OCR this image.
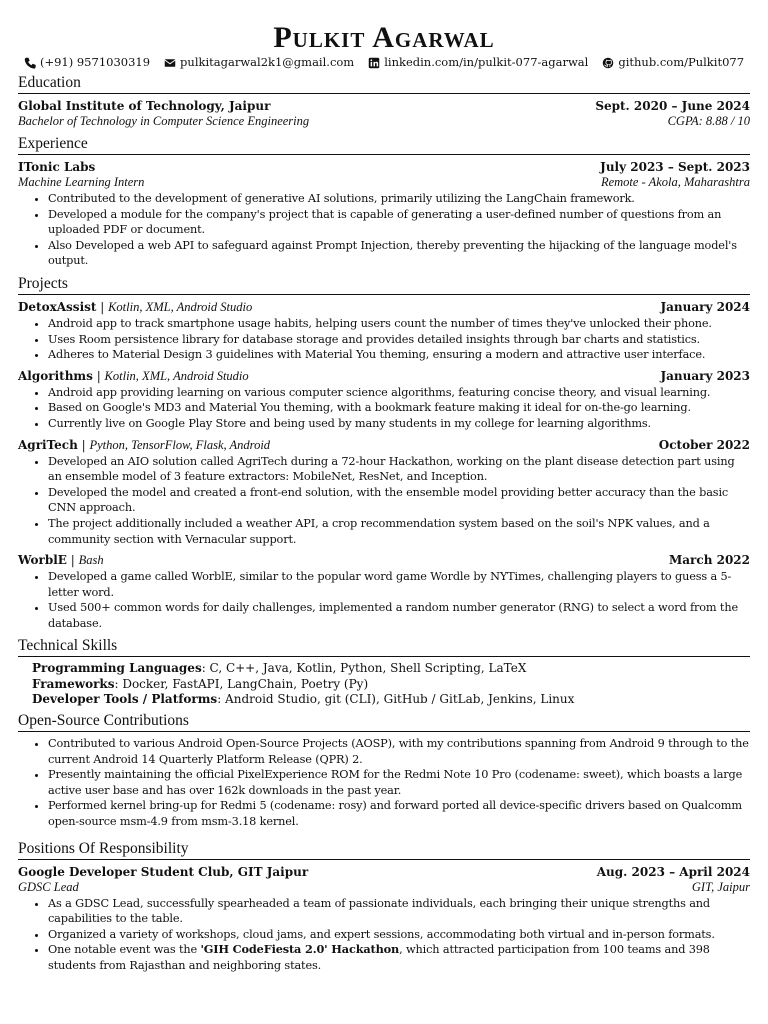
Pulkit Agarwal
(+91) 9571030319	pulkitagarwal2k1@gmail.com	linkedin.com/in/pulkit-077-agarwal	github.com/Pulkit077
Education
Global Institute of Technology, Jaipur	Sept. 2020 – June 2024
Bachelor of Technology in Computer Science Engineering	CGPA: 8.88 / 10
Experience
ITonic Labs	July 2023 – Sept. 2023
Machine Learning Intern	Remote - Akola, Maharashtra
• Contributed to the development of generative AI solutions, primarily utilizing the LangChain framework.
• Developed a module for the company's project that is capable of generating a user-defined number of questions from an uploaded PDF or document.
• Also Developed a web API to safeguard against Prompt Injection, thereby preventing the hijacking of the language model's output.
Projects
DetoxAssist | Kotlin, XML, Android Studio	January 2024
• Android app to track smartphone usage habits, helping users count the number of times they've unlocked their phone.
• Uses Room persistence library for database storage and provides detailed insights through bar charts and statistics.
• Adheres to Material Design 3 guidelines with Material You theming, ensuring a modern and attractive user interface.
Algorithms | Kotlin, XML, Android Studio	January 2023
• Android app providing learning on various computer science algorithms, featuring concise theory, and visual learning.
• Based on Google's MD3 and Material You theming, with a bookmark feature making it ideal for on-the-go learning.
• Currently live on Google Play Store and being used by many students in my college for learning algorithms.
AgriTech | Python, TensorFlow, Flask, Android	October 2022
• Developed an AIO solution called AgriTech during a 72-hour Hackathon, working on the plant disease detection part using an ensemble model of 3 feature extractors: MobileNet, ResNet, and Inception.
• Developed the model and created a front-end solution, with the ensemble model providing better accuracy than the basic CNN approach.
• The project additionally included a weather API, a crop recommendation system based on the soil's NPK values, and a community section with Vernacular support.
WorblE | Bash	March 2022
• Developed a game called WorblE, similar to the popular word game Wordle by NYTimes, challenging players to guess a 5-letter word.
• Used 500+ common words for daily challenges, implemented a random number generator (RNG) to select a word from the database.
Technical Skills
Programming Languages: C, C++, Java, Kotlin, Python, Shell Scripting, LaTeX
Frameworks: Docker, FastAPI, LangChain, Poetry (Py)
Developer Tools / Platforms: Android Studio, git (CLI), GitHub / GitLab, Jenkins, Linux
Open-Source Contributions
• Contributed to various Android Open-Source Projects (AOSP), with my contributions spanning from Android 9 through to the current Android 14 Quarterly Platform Release (QPR) 2.
• Presently maintaining the official PixelExperience ROM for the Redmi Note 10 Pro (codename: sweet), which boasts a large active user base and has over 162k downloads in the past year.
• Performed kernel bring-up for Redmi 5 (codename: rosy) and forward ported all device-specific drivers based on Qualcomm open-source msm-4.9 from msm-3.18 kernel.
Positions Of Responsibility
Google Developer Student Club, GIT Jaipur	Aug. 2023 – April 2024
GDSC Lead	GIT, Jaipur
• As a GDSC Lead, successfully spearheaded a team of passionate individuals, each bringing their unique strengths and capabilities to the table.
• Organized a variety of workshops, cloud jams, and expert sessions, accommodating both virtual and in-person formats.
• One notable event was the 'GIH CodeFiesta 2.0' Hackathon, which attracted participation from 100 teams and 398 students from Rajasthan and neighboring states.
